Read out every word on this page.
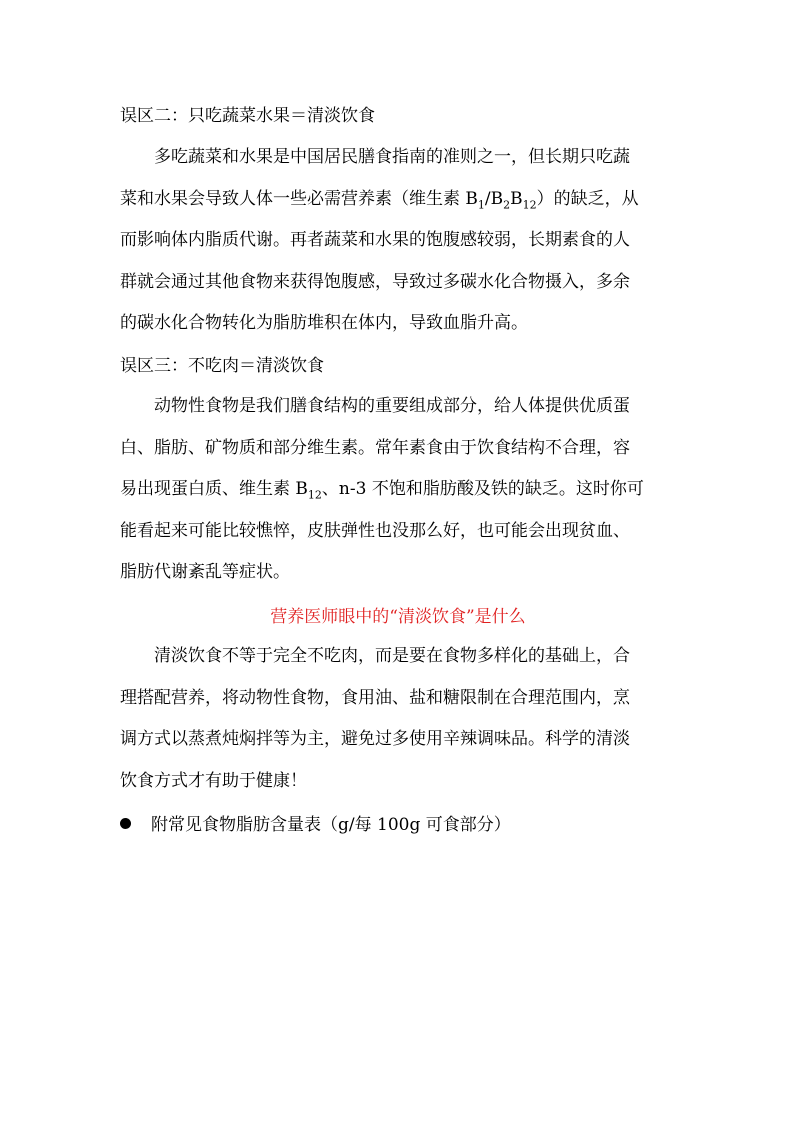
误区二：只吃蔬菜水果＝清淡饮食
多吃蔬菜和水果是中国居民膳食指南的准则之一，但长期只吃蔬
菜和水果会导致人体一些必需营养素（维生素 $B_1/B_2B_{12}$）的缺乏，从
而影响体内脂质代谢。再者蔬菜和水果的饱腹感较弱，长期素食的人
群就会通过其他食物来获得饱腹感，导致过多碳水化合物摄入，多余
的碳水化合物转化为脂肪堆积在体内，导致血脂升高。
误区三：不吃肉＝清淡饮食
动物性食物是我们膳食结构的重要组成部分，给人体提供优质蛋
白、脂肪、矿物质和部分维生素。常年素食由于饮食结构不合理，容
易出现蛋白质、维生素 $B_{12}$、n-3 不饱和脂肪酸及铁的缺乏。这时你可
能看起来可能比较憔悴，皮肤弹性也没那么好，也可能会出现贫血、
脂肪代谢紊乱等症状。
营养医师眼中的“清淡饮食”是什么
清淡饮食不等于完全不吃肉，而是要在食物多样化的基础上，合
理搭配营养，将动物性食物，食用油、盐和糖限制在合理范围内，烹
调方式以蒸煮炖焖拌等为主，避免过多使用辛辣调味品。科学的清淡
饮食方式才有助于健康！
附常见食物脂肪含量表（g/每 100g 可食部分）
